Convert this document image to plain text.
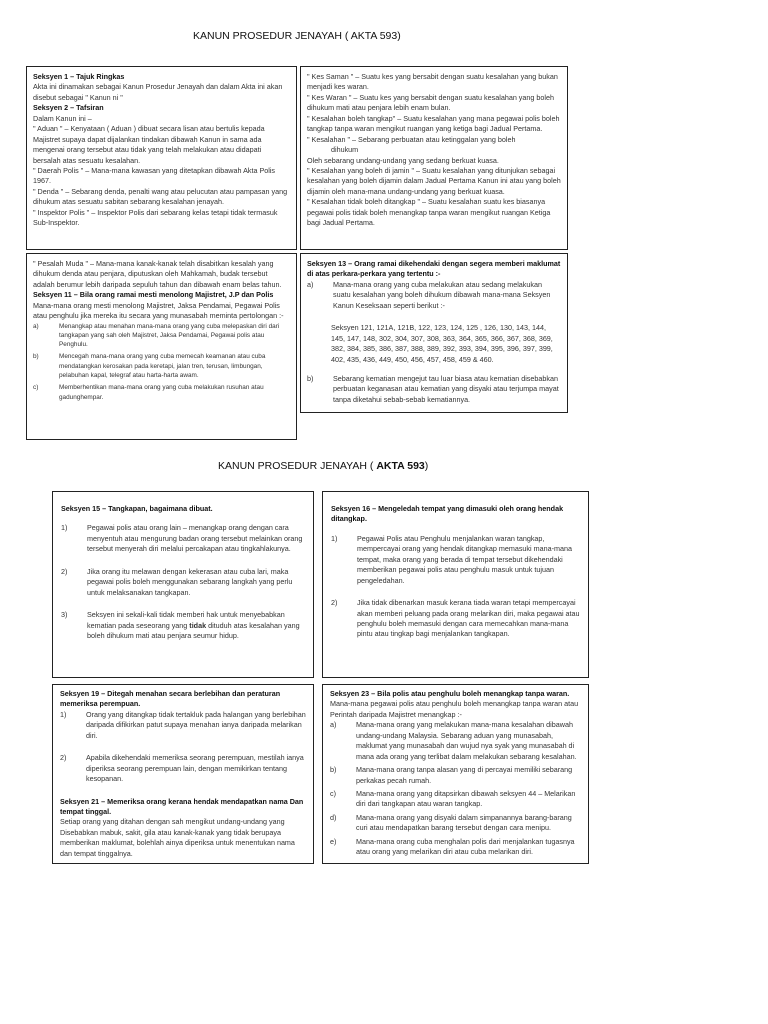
KANUN PROSEDUR JENAYAH ( AKTA 593)

Seksyen 1 – Tajuk Ringkas

Akta ini dinamakan sebagai Kanun Prosedur Jenayah dan dalam Akta ini akan disebut sebagai " Kanun ni "

Seksyen 2 – Tafsiran

Dalam Kanun ini –

" Aduan " – Kenyataan ( Aduan ) dibuat secara lisan atau bertulis kepada Majistret supaya dapat dijalankan tindakan dibawah Kanun in sama ada mengenai orang tersebut atau tidak yang telah melakukan atau didapati bersalah atas sesuatu kesalahan.

" Daerah Polis " – Mana-mana kawasan yang ditetapkan dibawah Akta Polis 1967.

" Denda " – Sebarang denda, penalti wang atau pelucutan atau pampasan yang dihukum atas sesuatu sabitan sebarang kesalahan jenayah.

" Inspektor Polis " – Inspektor Polis dari sebarang kelas tetapi tidak termasuk Sub-Inspektor.

" Kes Saman " – Suatu kes yang bersabit dengan suatu kesalahan yang bukan menjadi kes waran.

" Kes Waran " – Suatu kes yang bersabit dengan suatu kesalahan yang boleh dihukum mati atau penjara lebih enam bulan.

" Kesalahan boleh tangkap" – Suatu kesalahan yang mana pegawai polis boleh tangkap tanpa waran mengikut ruangan yang ketiga bagi Jadual Pertama.

" Kesalahan " – Sebarang perbuatan atau ketinggalan yang boleh

dihukum

Oleh sebarang undang-undang yang sedang berkuat kuasa.

" Kesalahan yang boleh di jamin " – Suatu kesalahan yang ditunjukan sebagai kesalahan yang boleh dijamin dalam Jadual Pertama Kanun ini atau yang boleh dijamin oleh mana-mana undang-undang yang berkuat kuasa.

" Kesalahan tidak boleh ditangkap " – Suatu kesalahan suatu kes biasanya pegawai polis tidak boleh menangkap tanpa waran mengikut ruangan Ketiga bagi Jadual Pertama.

" Pesalah Muda " – Mana-mana kanak-kanak telah disabitkan kesalah yang dihukum denda atau penjara, diputuskan oleh Mahkamah, budak tersebut adalah berumur lebih daripada sepuluh tahun dan dibawah enam belas tahun.

Seksyen 11 – Bila orang ramai mesti menolong Majistret, J.P dan Polis

Mana-mana orang mesti menolong Majistret, Jaksa Pendamai, Pegawai Polis atau penghulu jika mereka itu secara yang munasabah meminta pertolongan :-

a)	Menangkap atau menahan mana-mana orang yang cuba melepaskan diri dari tangkapan yang sah oleh Majistret, Jaksa Pendamai, Pegawai polis atau Penghulu.
b)	Mencegah mana-mana orang yang cuba memecah keamanan atau cuba mendatangkan kerosakan pada keretapi, jalan tren, terusan, limbungan, pelabuhan kapal, telegraf atau harta-harta awam.
c)	Memberhentikan mana-mana orang yang cuba melakukan rusuhan atau gadunghempar.

Seksyen 13 – Orang ramai dikehendaki dengan segera memberi maklumat di atas perkara-perkara yang tertentu :-

a)	Mana-mana orang yang cuba melakukan atau sedang melakukan suatu kesalahan yang boleh dihukum dibawah mana-mana Seksyen Kanun Keseksaan seperti berikut :-

Seksyen 121, 121A, 121B, 122, 123, 124, 125 , 126, 130, 143, 144, 145, 147, 148, 302, 304, 307, 308, 363, 364, 365, 366, 367, 368, 369, 382, 384, 385, 386, 387, 388, 389, 392, 393, 394, 395, 396, 397, 399, 402, 435, 436, 449, 450, 456, 457, 458, 459 & 460.

b)	Sebarang kematian mengejut tau luar biasa atau kematian disebabkan perbuatan keganasan atau kematian yang disyaki atau terjumpa mayat tanpa diketahui sebab-sebab kematiannya.
KANUN PROSEDUR JENAYAH ( AKTA 593)

Seksyen 15 – Tangkapan, bagaimana dibuat.

1)	Pegawai polis atau orang lain – menangkap orang dengan cara menyentuh atau mengurung badan orang tersebut melainkan orang tersebut menyerah diri melalui percakapan atau tingkahlakunya.
2)	Jika orang itu melawan dengan kekerasan atau cuba lari, maka pegawai polis boleh menggunakan sebarang langkah yang perlu untuk melaksanakan tangkapan.
3)	Seksyen ini sekali-kali tidak memberi hak untuk menyebabkan kematian pada seseorang yang tidak dituduh atas kesalahan yang boleh dihukum mati atau penjara seumur hidup.

Seksyen 16 – Mengeledah tempat yang dimasuki oleh orang hendak ditangkap.

1)	Pegawai Polis atau Penghulu menjalankan waran tangkap, mempercayai orang yang hendak ditangkap memasuki mana-mana tempat, maka orang yang berada di tempat tersebut dikehendaki memberikan pegawai polis atau penghulu masuk untuk tujuan pengeledahan.
2)	Jika tidak dibenarkan masuk kerana tiada waran tetapi mempercayai akan memberi peluang pada orang melarikan diri, maka pegawai atau penghulu boleh memasuki dengan cara memecahkan mana-mana pintu atau tingkap bagi menjalankan tangkapan.

Seksyen 19 – Ditegah menahan secara berlebihan dan peraturan memeriksa perempuan.

1)	Orang yang ditangkap tidak tertakluk pada halangan yang berlebihan daripada difikirkan patut supaya menahan ianya daripada melarikan diri.
2)	Apabila dikehendaki memeriksa seorang perempuan, mestilah ianya diperiksa seorang perempuan lain, dengan memikirkan tentang kesopanan.

Seksyen 21 – Memeriksa orang kerana hendak mendapatkan nama Dan tempat tinggal.

Setiap orang yang ditahan dengan sah mengikut undang-undang yang Disebabkan mabuk, sakit, gila atau kanak-kanak yang tidak berupaya memberikan maklumat, bolehlah ainya diperiksa untuk menentukan nama dan tempat tinggalnya.

Seksyen 23 – Bila polis atau penghulu boleh menangkap tanpa waran.

Mana-mana pegawai polis atau penghulu boleh menangkap tanpa waran atau

Perintah daripada Majistret menangkap :-

a)	Mana-mana orang yang melakukan mana-mana kesalahan dibawah undang-undang Malaysia. Sebarang aduan yang munasabah, maklumat yang munasabah dan wujud nya syak yang munasabah di mana ada orang yang terlibat dalam melakukan sebarang kesalahan.
b)	Mana-mana orang tanpa alasan yang di percayai memiliki sebarang perkakas pecah rumah.
c)	Mana-mana orang yang ditapsirkan dibawah seksyen 44 – Melarikan diri dari tangkapan atau waran tangkap.
d)	Mana-mana orang yang disyaki dalam simpanannya barang-barang curi atau mendapatkan barang tersebut dengan cara menipu.
e)	Mana-mana orang cuba menghalan polis dari menjalankan tugasnya atau orang yang melarikan diri atau cuba melarikan diri.
